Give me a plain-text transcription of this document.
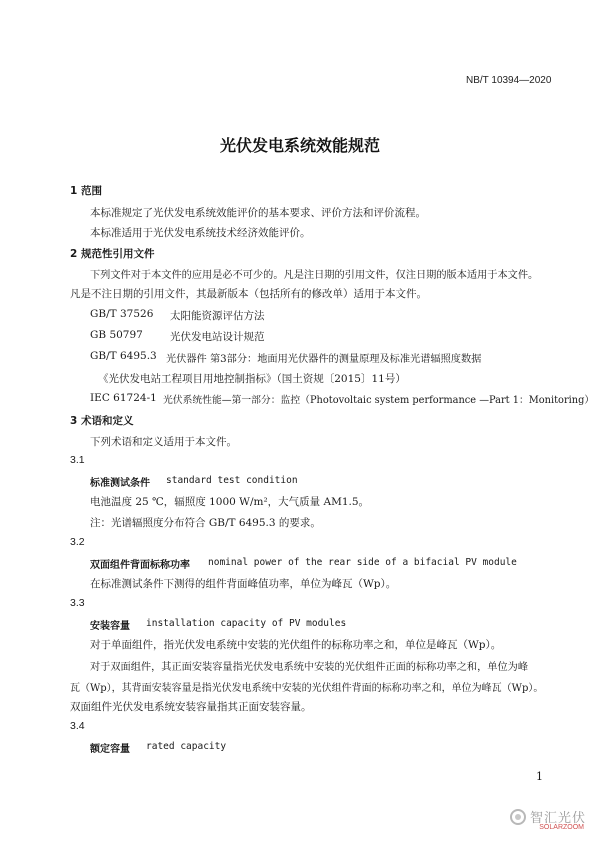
NB/T 10394—2020
光伏发电系统效能规范
1 范围
本标准规定了光伏发电系统效能评价的基本要求、评价方法和评价流程。
本标准适用于光伏发电系统技术经济效能评价。
2 规范性引用文件
下列文件对于本文件的应用是必不可少的。凡是注日期的引用文件，仅注日期的版本适用于本文件。
凡是不注日期的引用文件，其最新版本（包括所有的修改单）适用于本文件。
GB/T 37526 太阳能资源评估方法
GB 50797	光伏发电站设计规范
GB/T 6495.3 光伏器件 第3部分：地面用光伏器件的测量原理及标准光谱辐照度数据
《光伏发电站工程项目用地控制指标》（国土资规〔2015〕11号）
IEC 61724-1 光伏系统性能—第一部分：监控（Photovoltaic system performance —Part 1：Monitoring）
3 术语和定义
下列术语和定义适用于本文件。
3.1
标准测试条件 standard test condition
电池温度 25 ℃，辐照度 1000 W/m²，大气质量 AM1.5。
注：光谱辐照度分布符合 GB/T 6495.3 的要求。
3.2
双面组件背面标称功率 nominal power of the rear side of a bifacial PV module
在标准测试条件下测得的组件背面峰值功率，单位为峰瓦（Wp）。
3.3
安装容量 installation capacity of PV modules
对于单面组件，指光伏发电系统中安装的光伏组件的标称功率之和，单位是峰瓦（Wp）。
对于双面组件，其正面安装容量指光伏发电系统中安装的光伏组件正面的标称功率之和，单位为峰
瓦（Wp），其背面安装容量是指光伏发电系统中安装的光伏组件背面的标称功率之和，单位为峰瓦（Wp）。
双面组件光伏发电系统安装容量指其正面安装容量。
3.4
额定容量 rated capacity
1
智汇光伏
SOLARZOOM
